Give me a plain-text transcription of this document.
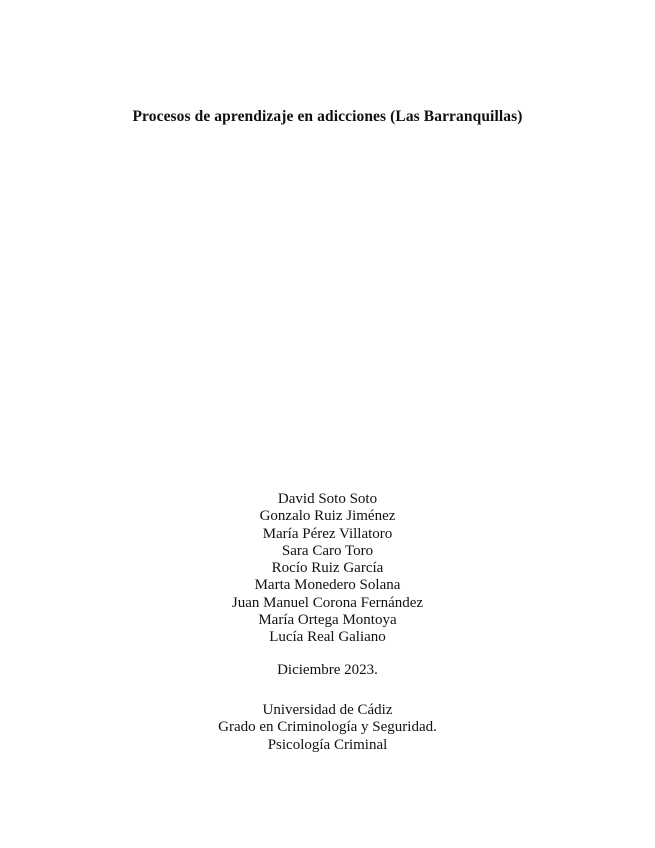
Procesos de aprendizaje en adicciones (Las Barranquillas)
David Soto Soto
Gonzalo Ruiz Jiménez
María Pérez Villatoro
Sara Caro Toro
Rocío Ruiz García
Marta Monedero Solana
Juan Manuel Corona Fernández
María Ortega Montoya
Lucía Real Galiano
Diciembre 2023.
Universidad de Cádiz
Grado en Criminología y Seguridad.
Psicología Criminal
